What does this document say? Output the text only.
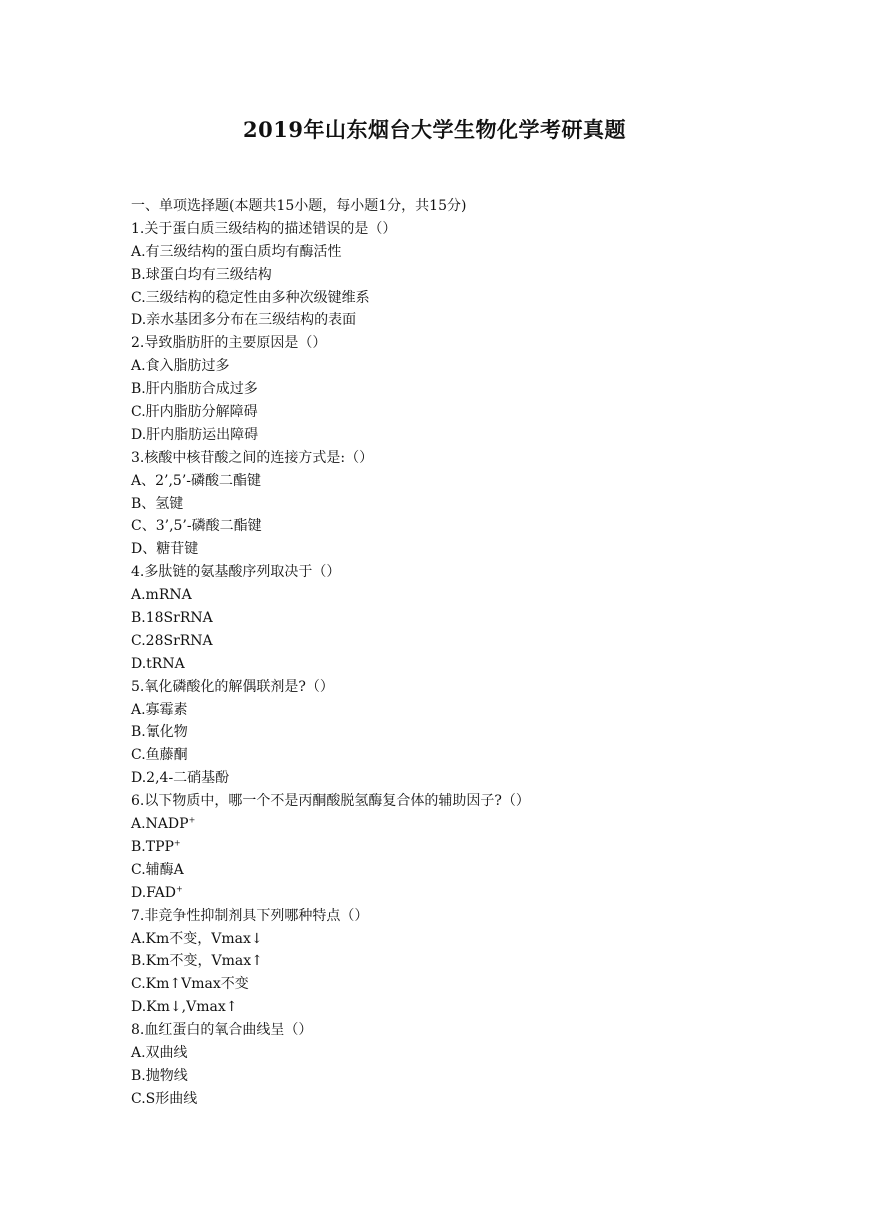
2019年山东烟台大学生物化学考研真题
一、单项选择题(本题共15小题，每小题1分，共15分)
1.关于蛋白质三级结构的描述错误的是（）
A.有三级结构的蛋白质均有酶活性
B.球蛋白均有三级结构
C.三级结构的稳定性由多种次级键维系
D.亲水基团多分布在三级结构的表面
2.导致脂肪肝的主要原因是（）
A.食入脂肪过多
B.肝内脂肪合成过多
C.肝内脂肪分解障碍
D.肝内脂肪运出障碍
3.核酸中核苷酸之间的连接方式是:（）
A、2’,5’-磷酸二酯键
B、氢键
C、3’,5’-磷酸二酯键
D、糖苷键
4.多肽链的氨基酸序列取决于（）
A.mRNA
B.18SrRNA
C.28SrRNA
D.tRNA
5.氧化磷酸化的解偶联剂是?（）
A.寡霉素
B.氰化物
C.鱼藤酮
D.2,4-二硝基酚
6.以下物质中，哪一个不是丙酮酸脱氢酶复合体的辅助因子?（）
A.NADP+
B.TPP+
C.辅酶A
D.FAD+
7.非竞争性抑制剂具下列哪种特点（）
A.Km不变，Vmax↓
B.Km不变，Vmax↑
C.Km↑Vmax不变
D.Km↓,Vmax↑
8.血红蛋白的氧合曲线呈（）
A.双曲线
B.抛物线
C.S形曲线
